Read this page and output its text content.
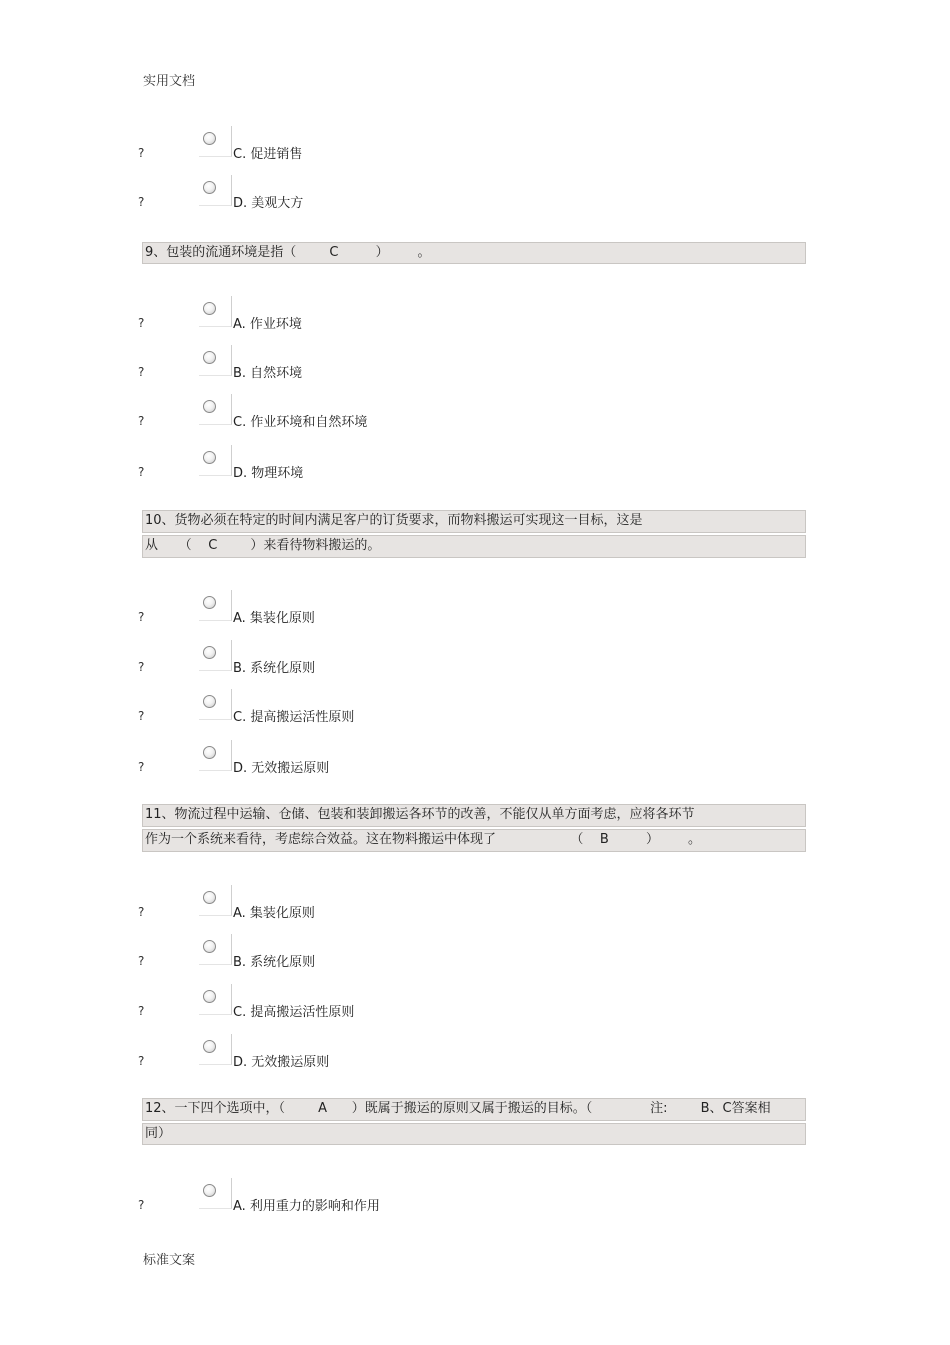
实用文档
?	C. 促进销售
?	D. 美观大方
9、包装的流通环境是指（        C         ）       。
?	A. 作业环境
?	B. 自然环境
?	C. 作业环境和自然环境
?	D. 物理环境
10、货物必须在特定的时间内满足客户的订货要求，而物料搬运可实现这一目标，这是
从     （    C        ）来看待物料搬运的。
?	A. 集装化原则
?	B. 系统化原则
?	C. 提高搬运活性原则
?	D. 无效搬运原则
11、物流过程中运输、仓储、包装和装卸搬运各环节的改善，不能仅从单方面考虑，应将各环节
作为一个系统来看待，考虑综合效益。这在物料搬运中体现了                  （    B         ）       。
?	A. 集装化原则
?	B. 系统化原则
?	C. 提高搬运活性原则
?	D. 无效搬运原则
12、一下四个选项中，（        A      ）既属于搬运的原则又属于搬运的目标。（              注:        B、C答案相
同）
?	A. 利用重力的影响和作用
标准文案
